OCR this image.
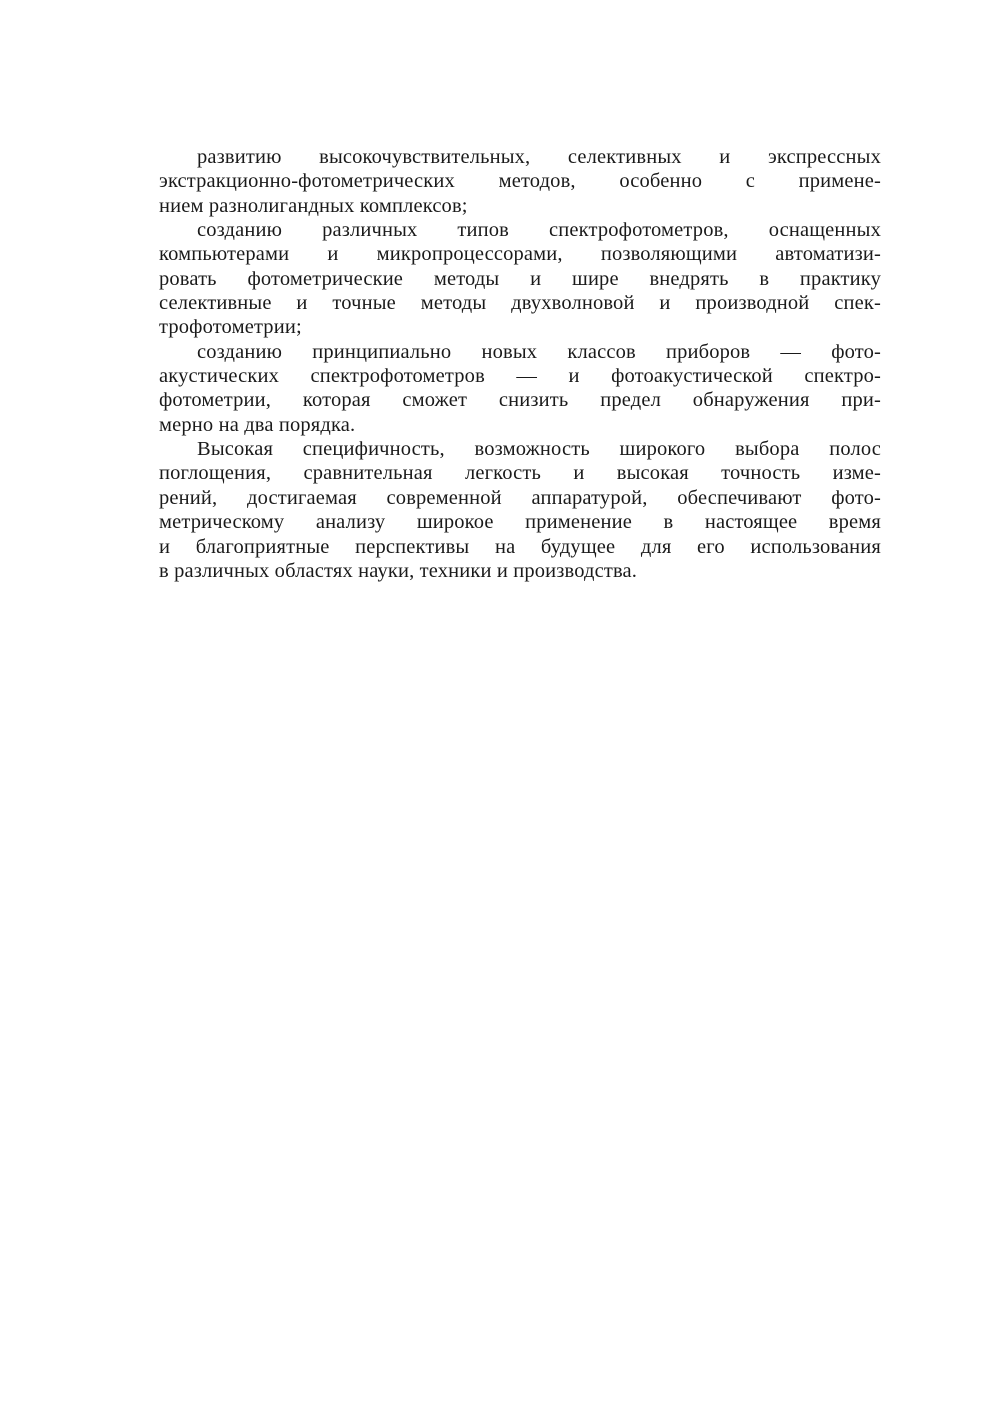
развитию высокочувствительных, селективных и экспрессных
экстракционно-фотометрических методов, особенно с примене-
нием разнолигандных комплексов;
созданию различных типов спектрофотометров, оснащенных
компьютерами и микропроцессорами, позволяющими автоматизи-
ровать фотометрические методы и шире внедрять в практику
селективные и точные методы двухволновой и производной спек-
трофотометрии;
созданию принципиально новых классов приборов — фото-
акустических спектрофотометров — и фотоакустической спектро-
фотометрии, которая сможет снизить предел обнаружения при-
мерно на два порядка.
Высокая специфичность, возможность широкого выбора полос
поглощения, сравнительная легкость и высокая точность изме-
рений, достигаемая современной аппаратурой, обеспечивают фото-
метрическому анализу широкое применение в настоящее время
и благоприятные перспективы на будущее для его использования
в различных областях науки, техники и производства.
